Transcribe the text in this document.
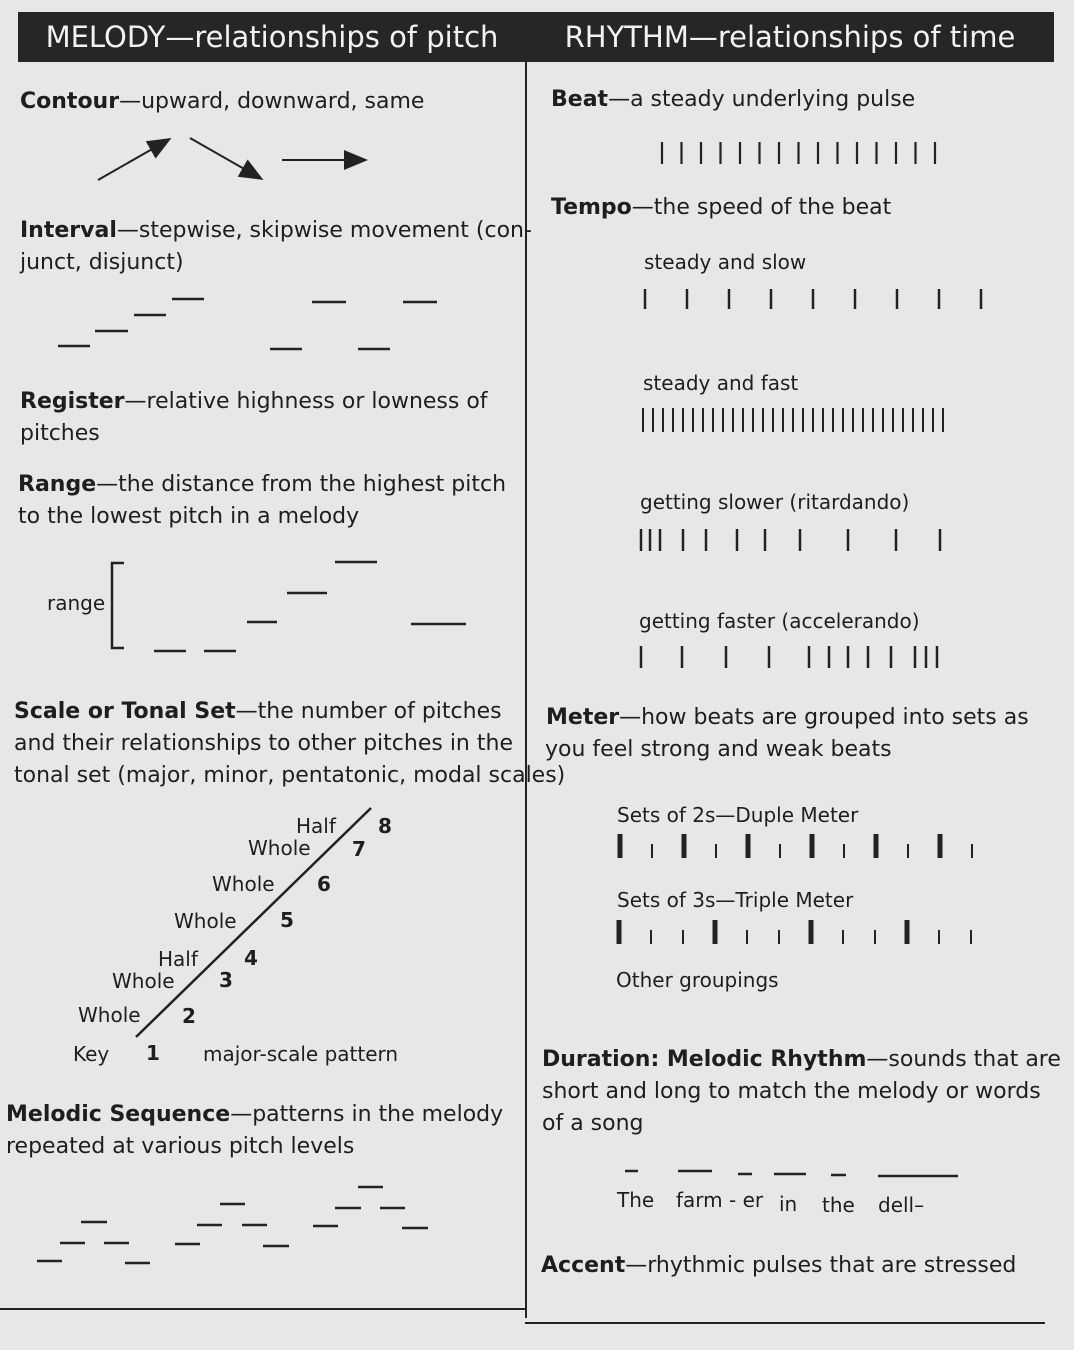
MELODY—relationships of pitch	RHYTHM—relationships of time
Contour—upward, downward, same
Interval—stepwise, skipwise movement (con-
junct, disjunct)
Register—relative highness or lowness of
pitches
Range—the distance from the highest pitch
to the lowest pitch in a melody
range
Scale or Tonal Set—the number of pitches
and their relationships to other pitches in the
tonal set (major, minor, pentatonic, modal scales)
Half
Whole
Whole
Whole
Half
Whole
Whole
8
7
6
5
4
3
2
1
Key	major-scale pattern
Melodic Sequence—patterns in the melody
repeated at various pitch levels
Beat—a steady underlying pulse
Tempo—the speed of the beat
steady and slow
steady and fast
getting slower (ritardando)
getting faster (accelerando)
Meter—how beats are grouped into sets as
you feel strong and weak beats
Sets of 2s—Duple Meter
Sets of 3s—Triple Meter
Other groupings
Duration: Melodic Rhythm—sounds that are
short and long to match the melody or words
of a song
The farm - er in the dell–
Accent—rhythmic pulses that are stressed
